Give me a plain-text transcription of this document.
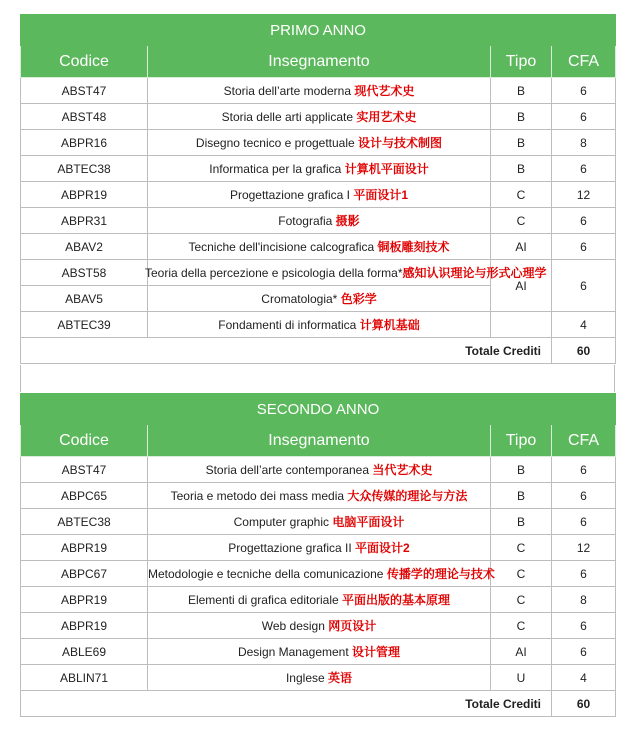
PRIMO ANNO			
Codice	Insegnamento	Tipo	CFA
ABST47	Storia dell’arte moderna 现代艺术史	B	6
ABST48	Storia delle arti applicate 实用艺术史	B	6
ABPR16	Disegno tecnico e progettuale 设计与技术制图	B	8
ABTEC38	Informatica per la grafica 计算机平面设计	B	6
ABPR19	Progettazione grafica I 平面设计1	C	12
ABPR31	Fotografia 摄影	C	6
ABAV2	Tecniche dell'incisione calcografica 铜板雕刻技术	AI	6
ABST58	Teoria della percezione e psicologia della forma*感知认识理论与形式心理学	AI	6
ABAV5	Cromatologia* 色彩学		
ABTEC39	Fondamenti di informatica 计算机基础		4
Totale Crediti			60
SECONDO ANNO			
Codice	Insegnamento	Tipo	CFA
ABST47	Storia dell’arte contemporanea 当代艺术史	B	6
ABPC65	Teoria e metodo dei mass media 大众传媒的理论与方法	B	6
ABTEC38	Computer graphic 电脑平面设计	B	6
ABPR19	Progettazione grafica II 平面设计2	C	12
ABPC67	Metodologie e tecniche della comunicazione 传播学的理论与技术	C	6
ABPR19	Elementi di grafica editoriale 平面出版的基本原理	C	8
ABPR19	Web design 网页设计	C	6
ABLE69	Design Management 设计管理	AI	6
ABLIN71	Inglese 英语	U	4
Totale Crediti			60
